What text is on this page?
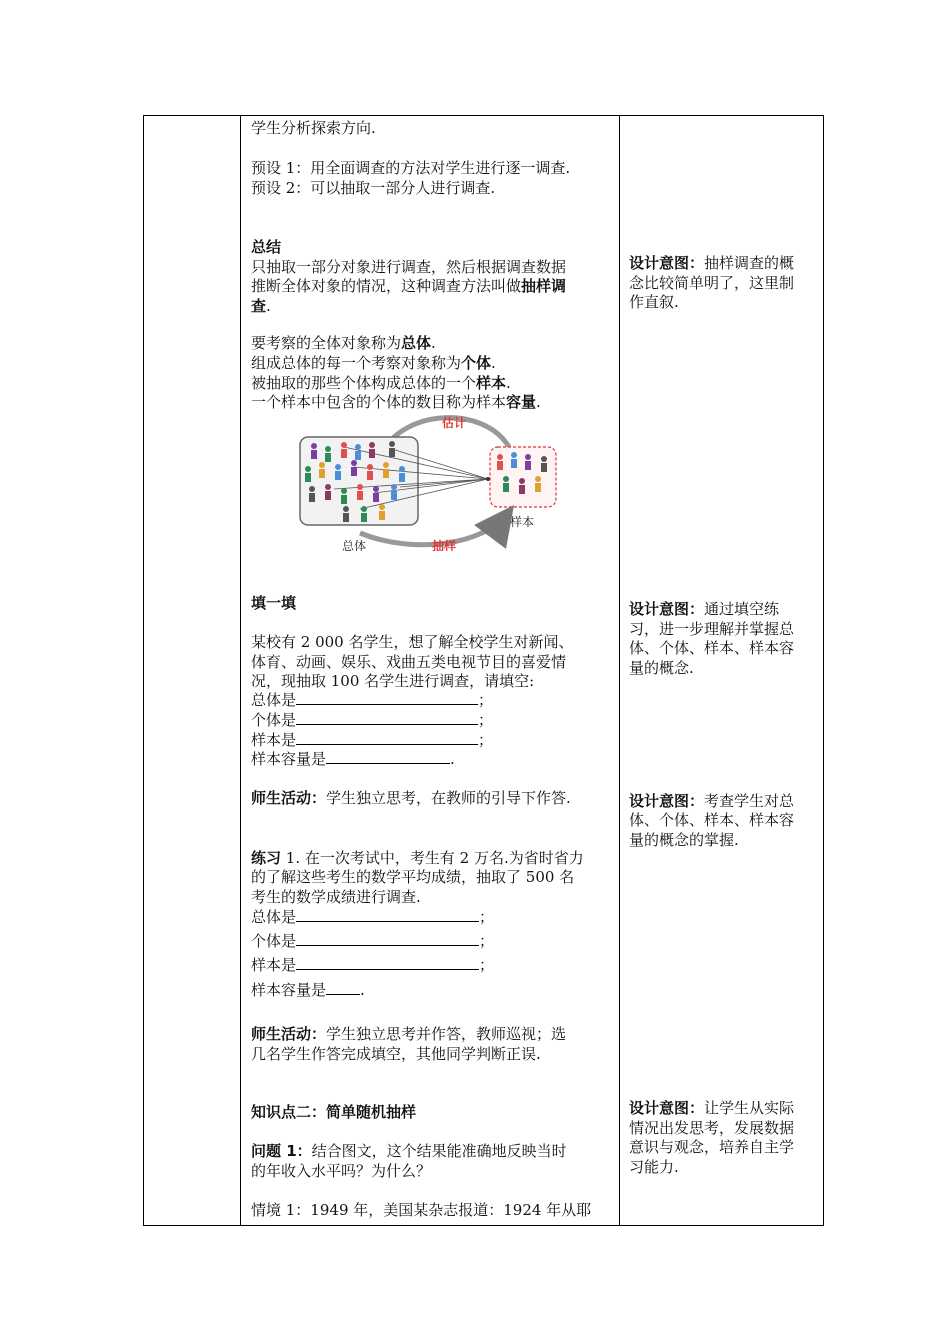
学生分析探索方向.

预设 1：用全面调查的方法对学生进行逐一调查.

预设 2：可以抽取一部分人进行调查.

总结

只抽取一部分对象进行调查，然后根据调查数据

推断全体对象的情况，这种调查方法叫做抽样调

查.

要考察的全体对象称为总体.

组成总体的每一个考察对象称为个体.

被抽取的那些个体构成总体的一个样本.

一个样本中包含的个体的数目称为样本容量.

估计
抽样
总体
样本

填一填

某校有 2 000 名学生，想了解全校学生对新闻、

体育、动画、娱乐、戏曲五类电视节目的喜爱情

况，现抽取 100 名学生进行调查，请填空:

总体是	；

个体是	；

样本是	；

样本容量是	.

师生活动：学生独立思考，在教师的引导下作答.

练习 1. 在一次考试中，考生有 2 万名.为省时省力

的了解这些考生的数学平均成绩，抽取了 500 名

考生的数学成绩进行调查.

总体是	；

个体是	；

样本是	；

样本容量是 .

师生活动：学生独立思考并作答，教师巡视；选

几名学生作答完成填空，其他同学判断正误.

知识点二：简单随机抽样

问题 1：结合图文，这个结果能准确地反映当时

的年收入水平吗？为什么？

情境 1：1949 年，美国某杂志报道：1924 年从耶

设计意图：抽样调查的概

念比较简单明了，这里制

作直叙.

设计意图：通过填空练

习，进一步理解并掌握总

体、个体、样本、样本容

量的概念.

设计意图：考查学生对总

体、个体、样本、样本容

量的概念的掌握.

设计意图：让学生从实际

情况出发思考，发展数据

意识与观念，培养自主学

习能力.
